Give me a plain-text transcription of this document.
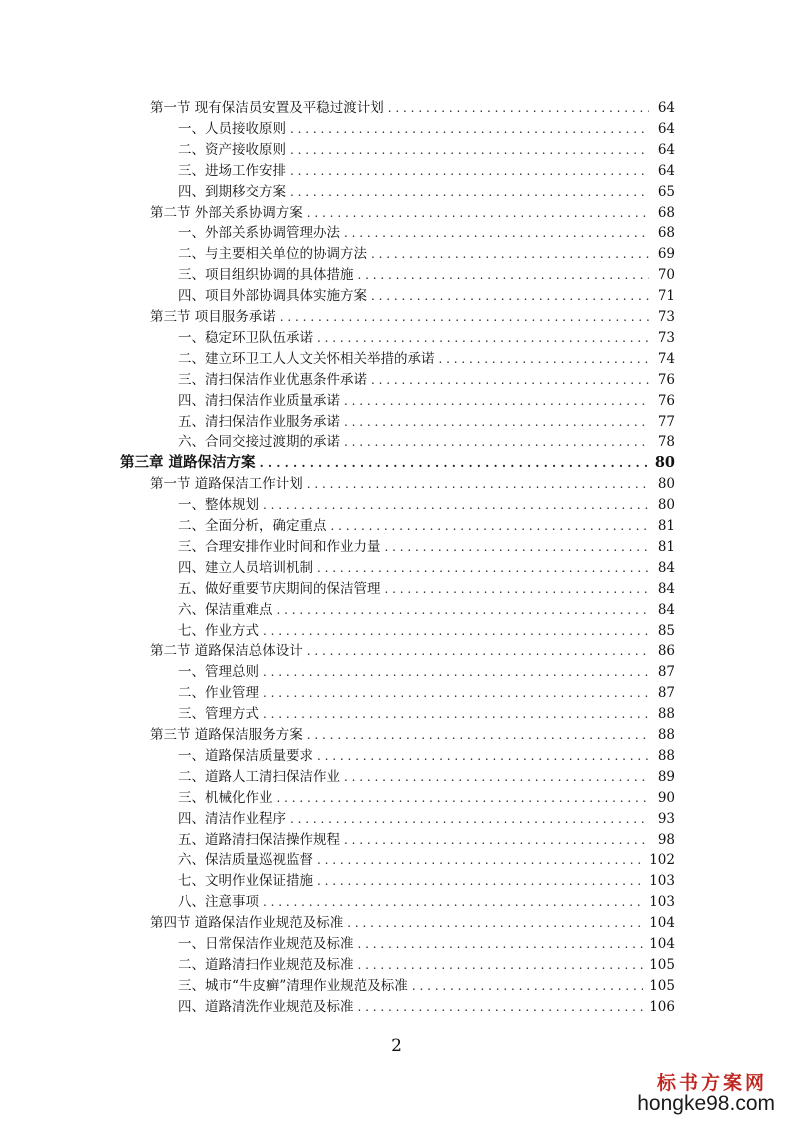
第一节 现有保洁员安置及平稳过渡计划 . . .	64
一、人员接收原则 . . .	64
二、资产接收原则 . . .	64
三、进场工作安排 . . .	64
四、到期移交方案 . . .	65
第二节 外部关系协调方案 . . .	68
一、外部关系协调管理办法 . . .	68
二、与主要相关单位的协调方法 . . .	69
三、项目组织协调的具体措施 . . .	70
四、项目外部协调具体实施方案 . . .	71
第三节 项目服务承诺 . . .	73
一、稳定环卫队伍承诺 . . .	73
二、建立环卫工人人文关怀相关举措的承诺 . . .	74
三、清扫保洁作业优惠条件承诺 . . .	76
四、清扫保洁作业质量承诺 . . .	76
五、清扫保洁作业服务承诺 . . .	77
六、合同交接过渡期的承诺 . . .	78
第三章 道路保洁方案 . . .	80
第一节 道路保洁工作计划 . . .	80
一、整体规划 . . .	80
二、全面分析，确定重点 . . .	81
三、合理安排作业时间和作业力量 . . .	81
四、建立人员培训机制 . . .	84
五、做好重要节庆期间的保洁管理 . . .	84
六、保洁重难点 . . .	84
七、作业方式 . . .	85
第二节 道路保洁总体设计 . . .	86
一、管理总则 . . .	87
二、作业管理 . . .	87
三、管理方式 . . .	88
第三节 道路保洁服务方案 . . .	88
一、道路保洁质量要求 . . .	88
二、道路人工清扫保洁作业 . . .	89
三、机械化作业 . . .	90
四、清洁作业程序 . . .	93
五、道路清扫保洁操作规程 . . .	98
六、保洁质量巡视监督 . . .	102
七、文明作业保证措施 . . .	103
八、注意事项 . . .	103
第四节 道路保洁作业规范及标准 . . .	104
一、日常保洁作业规范及标准 . . .	104
二、道路清扫作业规范及标准 . . .	105
三、城市“牛皮癣”清理作业规范及标准 . . .	105
四、道路清洗作业规范及标准 . . .	106
2
标书方案网
hongke98.com
